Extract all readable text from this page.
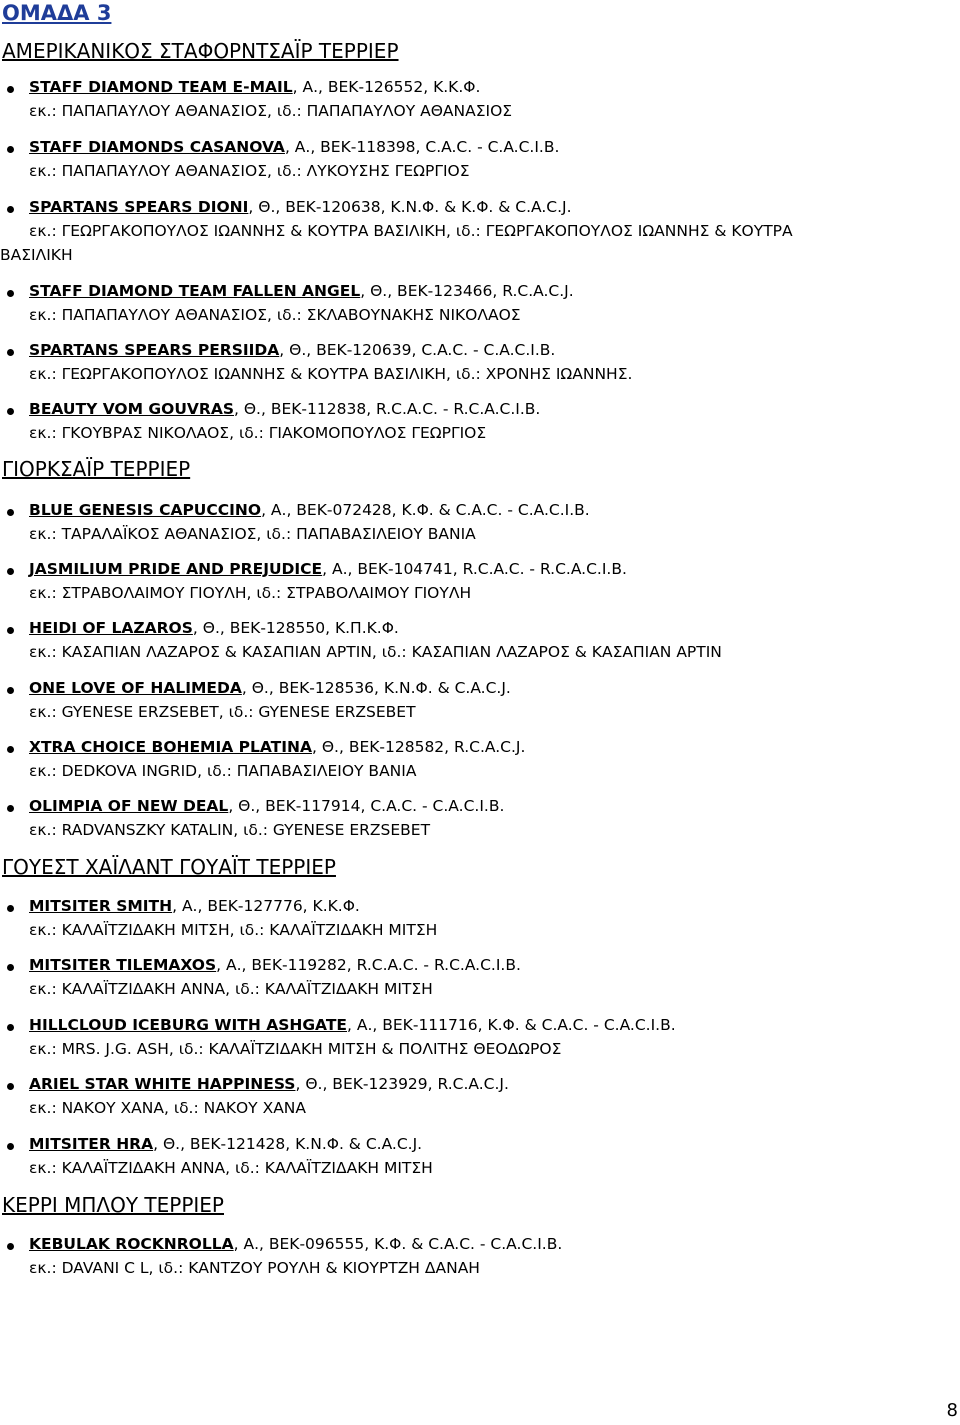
ΟΜΑΔΑ 3
ΑΜΕΡΙΚΑΝΙΚΟΣ ΣΤΑΦΟΡΝΤΣΑΪΡ ΤΕΡΡΙΕΡ
STAFF DIAMOND TEAM E-MAIL, Α., ΒΕΚ-126552, Κ.Κ.Φ.
εκ.: ΠΑΠΑΠΑΥΛΟΥ ΑΘΑΝΑΣΙΟΣ, ιδ.: ΠΑΠΑΠΑΥΛΟΥ ΑΘΑΝΑΣΙΟΣ
STAFF DIAMONDS CASANOVA, Α., ΒΕΚ-118398, C.A.C. - C.A.C.I.B.
εκ.: ΠΑΠΑΠΑΥΛΟΥ ΑΘΑΝΑΣΙΟΣ, ιδ.: ΛΥΚΟΥΣΗΣ ΓΕΩΡΓΙΟΣ
SPARTANS SPEARS DIONI, Θ., ΒΕΚ-120638, Κ.Ν.Φ. & Κ.Φ. & C.A.C.J.
εκ.: ΓΕΩΡΓΑΚΟΠΟΥΛΟΣ ΙΩΑΝΝΗΣ & ΚΟΥΤΡΑ ΒΑΣΙΛΙΚΗ, ιδ.: ΓΕΩΡΓΑΚΟΠΟΥΛΟΣ ΙΩΑΝΝΗΣ & ΚΟΥΤΡΑ
ΒΑΣΙΛΙΚΗ
STAFF DIAMOND TEAM FALLEN ANGEL, Θ., ΒΕΚ-123466, R.C.A.C.J.
εκ.: ΠΑΠΑΠΑΥΛΟΥ ΑΘΑΝΑΣΙΟΣ, ιδ.: ΣΚΛΑΒΟΥΝΑΚΗΣ ΝΙΚΟΛΑΟΣ
SPARTANS SPEARS PERSIIDA, Θ., ΒΕΚ-120639, C.A.C. - C.A.C.I.B.
εκ.: ΓΕΩΡΓΑΚΟΠΟΥΛΟΣ ΙΩΑΝΝΗΣ & ΚΟΥΤΡΑ ΒΑΣΙΛΙΚΗ, ιδ.: ΧΡΟΝΗΣ ΙΩΑΝΝΗΣ.
BEAUTY VOM GOUVRAS, Θ., ΒΕΚ-112838, R.C.A.C. - R.C.A.C.I.B.
εκ.: ΓΚΟΥΒΡΑΣ ΝΙΚΟΛΑΟΣ, ιδ.: ΓΙΑΚΟΜΟΠΟΥΛΟΣ ΓΕΩΡΓΙΟΣ
ΓΙΟΡΚΣΑΪΡ ΤΕΡΡΙΕΡ
BLUE GENESIS CAPUCCINO, Α., ΒΕΚ-072428, Κ.Φ. & C.A.C. - C.A.C.I.B.
εκ.: ΤΑΡΑΛΑΪΚΟΣ ΑΘΑΝΑΣΙΟΣ, ιδ.: ΠΑΠΑΒΑΣΙΛΕΙΟΥ ΒΑΝΙΑ
JASMILIUM PRIDE AND PREJUDICE, Α., ΒΕΚ-104741, R.C.A.C. - R.C.A.C.I.B.
εκ.: ΣΤΡΑΒΟΛΑΙΜΟΥ ΓΙΟΥΛΗ, ιδ.: ΣΤΡΑΒΟΛΑΙΜΟΥ ΓΙΟΥΛΗ
HEIDI OF LAZAROS, Θ., ΒΕΚ-128550, Κ.Π.Κ.Φ.
εκ.: ΚΑΣΑΠΙΑΝ ΛΑΖΑΡΟΣ & ΚΑΣΑΠΙΑΝ ΑΡΤΙΝ, ιδ.: ΚΑΣΑΠΙΑΝ ΛΑΖΑΡΟΣ & ΚΑΣΑΠΙΑΝ ΑΡΤΙΝ
ONE LOVE OF HALIMEDA, Θ., ΒΕΚ-128536, Κ.Ν.Φ. & C.A.C.J.
εκ.: GYENESE ERZSEBET, ιδ.: GYENESE ERZSEBET
XTRA CHOICE BOHEMIA PLATINA, Θ., ΒΕΚ-128582, R.C.A.C.J.
εκ.: DEDKOVA INGRID, ιδ.: ΠΑΠΑΒΑΣΙΛΕΙΟΥ ΒΑΝΙΑ
OLIMPIA OF NEW DEAL, Θ., ΒΕΚ-117914, C.A.C. - C.A.C.I.B.
εκ.: RADVANSZKY KATALIN, ιδ.: GYENESE ERZSEBET
ΓΟΥΕΣΤ ΧΑΪΛΑΝΤ ΓΟΥΑΪΤ ΤΕΡΡΙΕΡ
MITSITER SMITH, Α., ΒΕΚ-127776, Κ.Κ.Φ.
εκ.: ΚΑΛΑΪΤΖΙΔΑΚΗ ΜΙΤΣΗ, ιδ.: ΚΑΛΑΪΤΖΙΔΑΚΗ ΜΙΤΣΗ
MITSITER TILEMAXOS, Α., ΒΕΚ-119282, R.C.A.C. - R.C.A.C.I.B.
εκ.: ΚΑΛΑΪΤΖΙΔΑΚΗ ΑΝΝΑ, ιδ.: ΚΑΛΑΪΤΖΙΔΑΚΗ ΜΙΤΣΗ
HILLCLOUD ICEBURG WITH ASHGATE, Α., ΒΕΚ-111716, Κ.Φ. & C.A.C. - C.A.C.I.B.
εκ.: MRS. J.G. ASH, ιδ.: ΚΑΛΑΪΤΖΙΔΑΚΗ ΜΙΤΣΗ & ΠΟΛΙΤΗΣ ΘΕΟΔΩΡΟΣ
ARIEL STAR WHITE HAPPINESS, Θ., ΒΕΚ-123929, R.C.A.C.J.
εκ.: ΝΑΚΟΥ ΧΑΝΑ, ιδ.: ΝΑΚΟΥ ΧΑΝΑ
MITSITER HRA, Θ., ΒΕΚ-121428, Κ.Ν.Φ. & C.A.C.J.
εκ.: ΚΑΛΑΪΤΖΙΔΑΚΗ ΑΝΝΑ, ιδ.: ΚΑΛΑΪΤΖΙΔΑΚΗ ΜΙΤΣΗ
ΚΕΡΡΙ ΜΠΛΟΥ ΤΕΡΡΙΕΡ
KEBULAK ROCKNROLLA, Α., ΒΕΚ-096555, Κ.Φ. & C.A.C. - C.A.C.I.B.
εκ.: DAVANI C L, ιδ.: ΚΑΝΤΖΟΥ ΡΟΥΛΗ & ΚΙΟΥΡΤΖΗ ΔΑΝΑΗ
8
